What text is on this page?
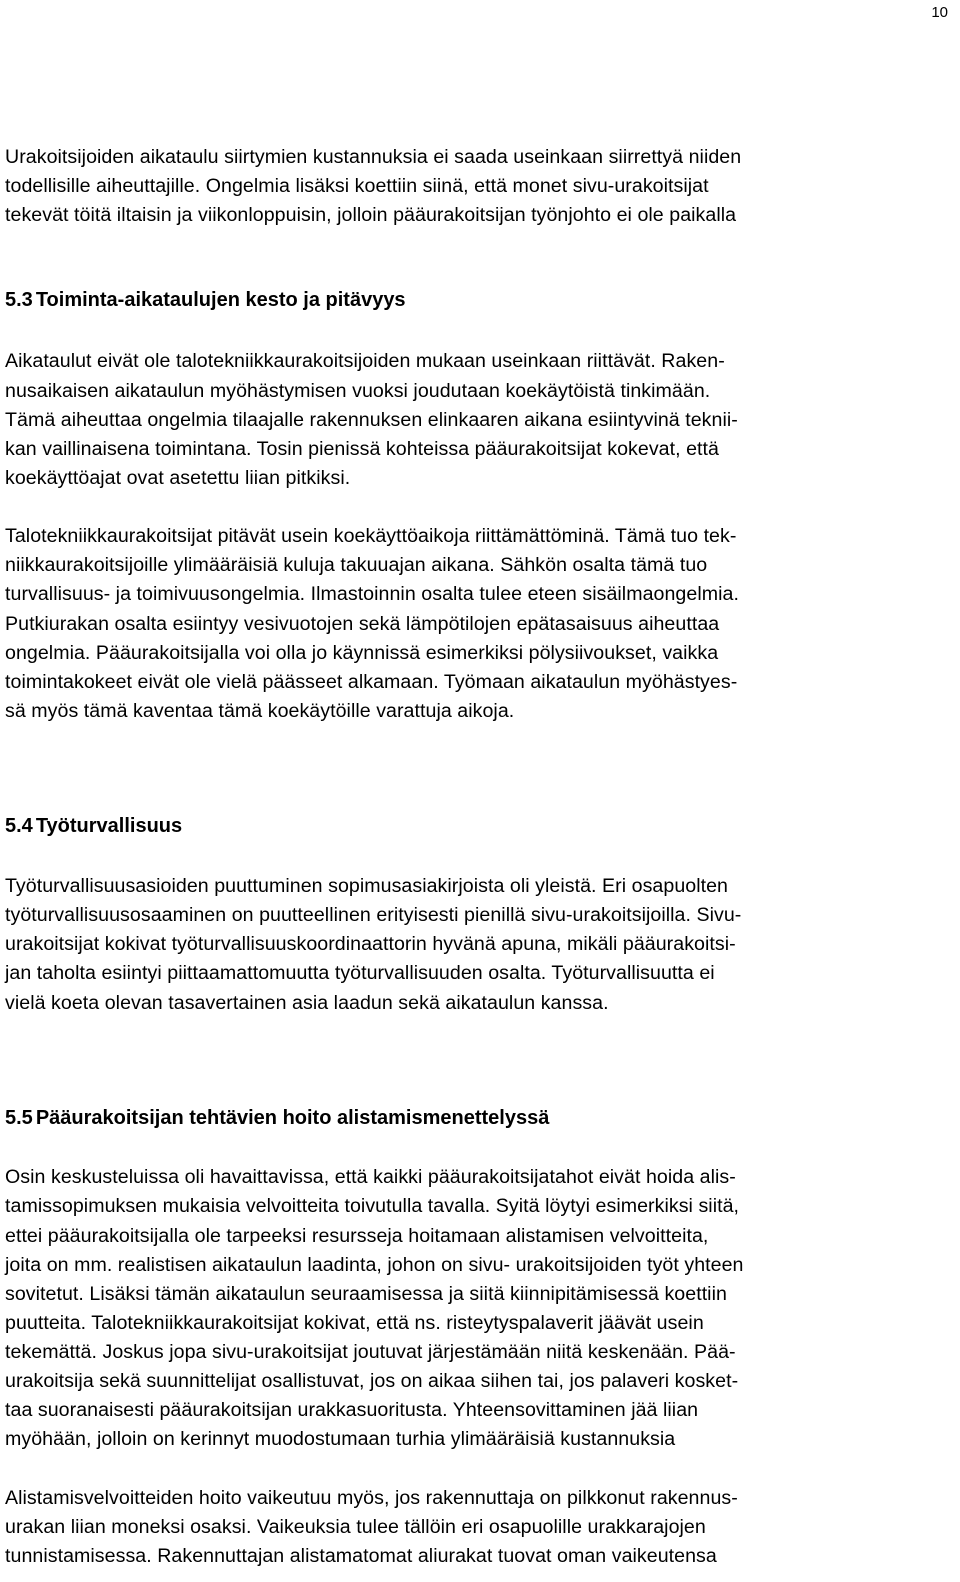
10
Urakoitsijoiden aikataulu siirtymien kustannuksia ei saada useinkaan siirrettyä niiden
todellisille aiheuttajille. Ongelmia lisäksi koettiin siinä, että monet sivu-urakoitsijat
tekevät töitä iltaisin ja viikonloppuisin, jolloin pääurakoitsijan työnjohto ei ole paikalla
5.3 Toiminta-aikataulujen kesto ja pitävyys
Aikataulut eivät ole talotekniikkaurakoitsijoiden mukaan useinkaan riittävät. Raken-
nusaikaisen aikataulun myöhästymisen vuoksi joudutaan koekäytöistä tinkimään.
Tämä aiheuttaa ongelmia tilaajalle rakennuksen elinkaaren aikana esiintyvinä teknii-
kan vaillinaisena toimintana. Tosin pienissä kohteissa pääurakoitsijat kokevat, että
koekäyttöajat ovat asetettu liian pitkiksi.
Talotekniikkaurakoitsijat pitävät usein koekäyttöaikoja riittämättöminä. Tämä tuo tek-
niikkaurakoitsijoille ylimääräisiä kuluja takuuajan aikana. Sähkön osalta tämä tuo
turvallisuus- ja toimivuusongelmia. Ilmastoinnin osalta tulee eteen sisäilmaongelmia.
Putkiurakan osalta esiintyy vesivuotojen sekä lämpötilojen epätasaisuus aiheuttaa
ongelmia. Pääurakoitsijalla voi olla jo käynnissä esimerkiksi pölysiivoukset, vaikka
toimintakokeet eivät ole vielä päässeet alkamaan. Työmaan aikataulun myöhästyes-
sä myös tämä kaventaa tämä koekäytöille varattuja aikoja.
5.4 Työturvallisuus
Työturvallisuusasioiden puuttuminen sopimusasiakirjoista oli yleistä. Eri osapuolten
työturvallisuusosaaminen on puutteellinen erityisesti pienillä sivu-urakoitsijoilla. Sivu-
urakoitsijat kokivat työturvallisuuskoordinaattorin hyvänä apuna, mikäli pääurakoitsi-
jan taholta esiintyi piittaamattomuutta työturvallisuuden osalta. Työturvallisuutta ei
vielä koeta olevan tasavertainen asia laadun sekä aikataulun kanssa.
5.5 Pääurakoitsijan tehtävien hoito alistamismenettelyssä
Osin keskusteluissa oli havaittavissa, että kaikki pääurakoitsijatahot eivät hoida alis-
tamissopimuksen mukaisia velvoitteita toivutulla tavalla. Syitä löytyi esimerkiksi siitä,
ettei pääurakoitsijalla ole tarpeeksi resursseja hoitamaan alistamisen velvoitteita,
joita on mm. realistisen aikataulun laadinta, johon on sivu- urakoitsijoiden työt yhteen
sovitetut. Lisäksi tämän aikataulun seuraamisessa ja siitä kiinnipitämisessä koettiin
puutteita. Talotekniikkaurakoitsijat kokivat, että ns. risteytyspalaverit jäävät usein
tekemättä. Joskus jopa sivu-urakoitsijat joutuvat järjestämään niitä keskenään. Pää-
urakoitsija sekä suunnittelijat osallistuvat, jos on aikaa siihen tai, jos palaveri kosket-
taa suoranaisesti pääurakoitsijan urakkasuoritusta. Yhteensovittaminen jää liian
myöhään, jolloin on kerinnyt muodostumaan turhia ylimääräisiä kustannuksia
Alistamisvelvoitteiden hoito vaikeutuu myös, jos rakennuttaja on pilkkonut rakennus-
urakan liian moneksi osaksi. Vaikeuksia tulee tällöin eri osapuolille urakkarajojen
tunnistamisessa. Rakennuttajan alistamatomat aliurakat tuovat oman vaikeutensa
